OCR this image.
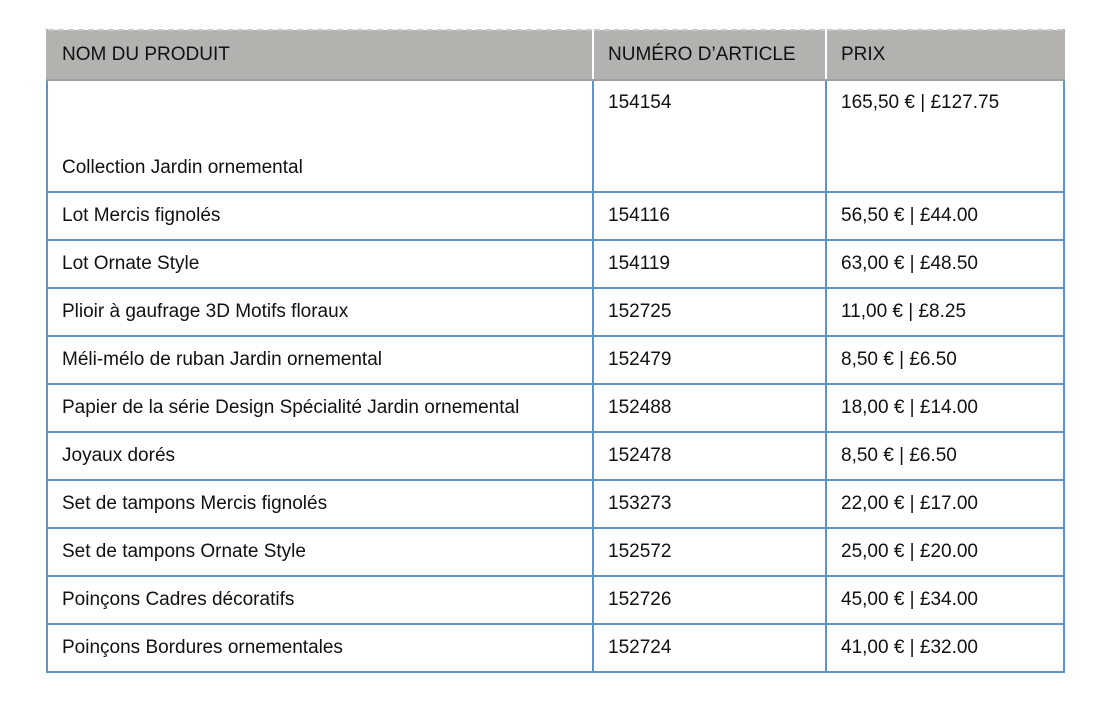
NOM DU PRODUIT	NUMÉRO D’ARTICLE	PRIX
Collection Jardin ornemental	154154	165,50 € | £127.75
Lot Mercis fignolés	154116	56,50 € | £44.00
Lot Ornate Style	154119	63,00 € | £48.50
Plioir à gaufrage 3D Motifs floraux	152725	11,00 € | £8.25
Méli-mélo de ruban Jardin ornemental	152479	8,50 € | £6.50
Papier de la série Design Spécialité Jardin ornemental	152488	18,00 € | £14.00
Joyaux dorés	152478	8,50 € | £6.50
Set de tampons Mercis fignolés	153273	22,00 € | £17.00
Set de tampons Ornate Style	152572	25,00 € | £20.00
Poinçons Cadres décoratifs	152726	45,00 € | £34.00
Poinçons Bordures ornementales	152724	41,00 € | £32.00
